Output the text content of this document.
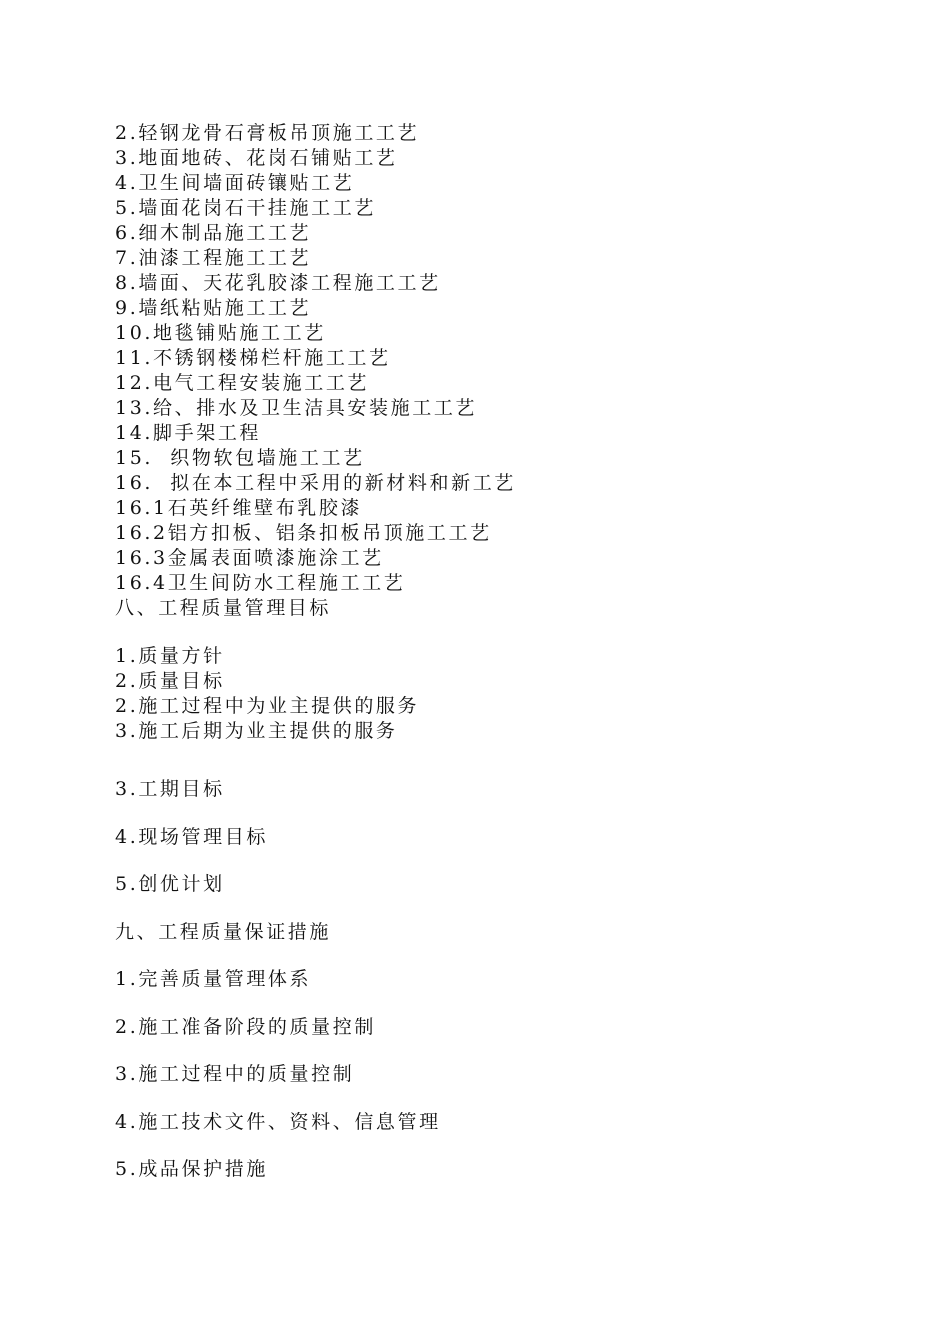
2.轻钢龙骨石膏板吊顶施工工艺
3.地面地砖、花岗石铺贴工艺
4.卫生间墙面砖镶贴工艺
5.墙面花岗石干挂施工工艺
6.细木制品施工工艺
7.油漆工程施工工艺
8.墙面、天花乳胶漆工程施工工艺
9.墙纸粘贴施工工艺
10.地毯铺贴施工工艺
11.不锈钢楼梯栏杆施工工艺
12.电气工程安装施工工艺
13.给、排水及卫生洁具安装施工工艺
14.脚手架工程
15.  织物软包墙施工工艺
16.  拟在本工程中采用的新材料和新工艺
16.1石英纤维壁布乳胶漆
16.2铝方扣板、铝条扣板吊顶施工工艺
16.3金属表面喷漆施涂工艺
16.4卫生间防水工程施工工艺
八、工程质量管理目标
1.质量方针
2.质量目标
2.施工过程中为业主提供的服务
3.施工后期为业主提供的服务
3.工期目标
4.现场管理目标
5.创优计划
九、工程质量保证措施
1.完善质量管理体系
2.施工准备阶段的质量控制
3.施工过程中的质量控制
4.施工技术文件、资料、信息管理
5.成品保护措施
